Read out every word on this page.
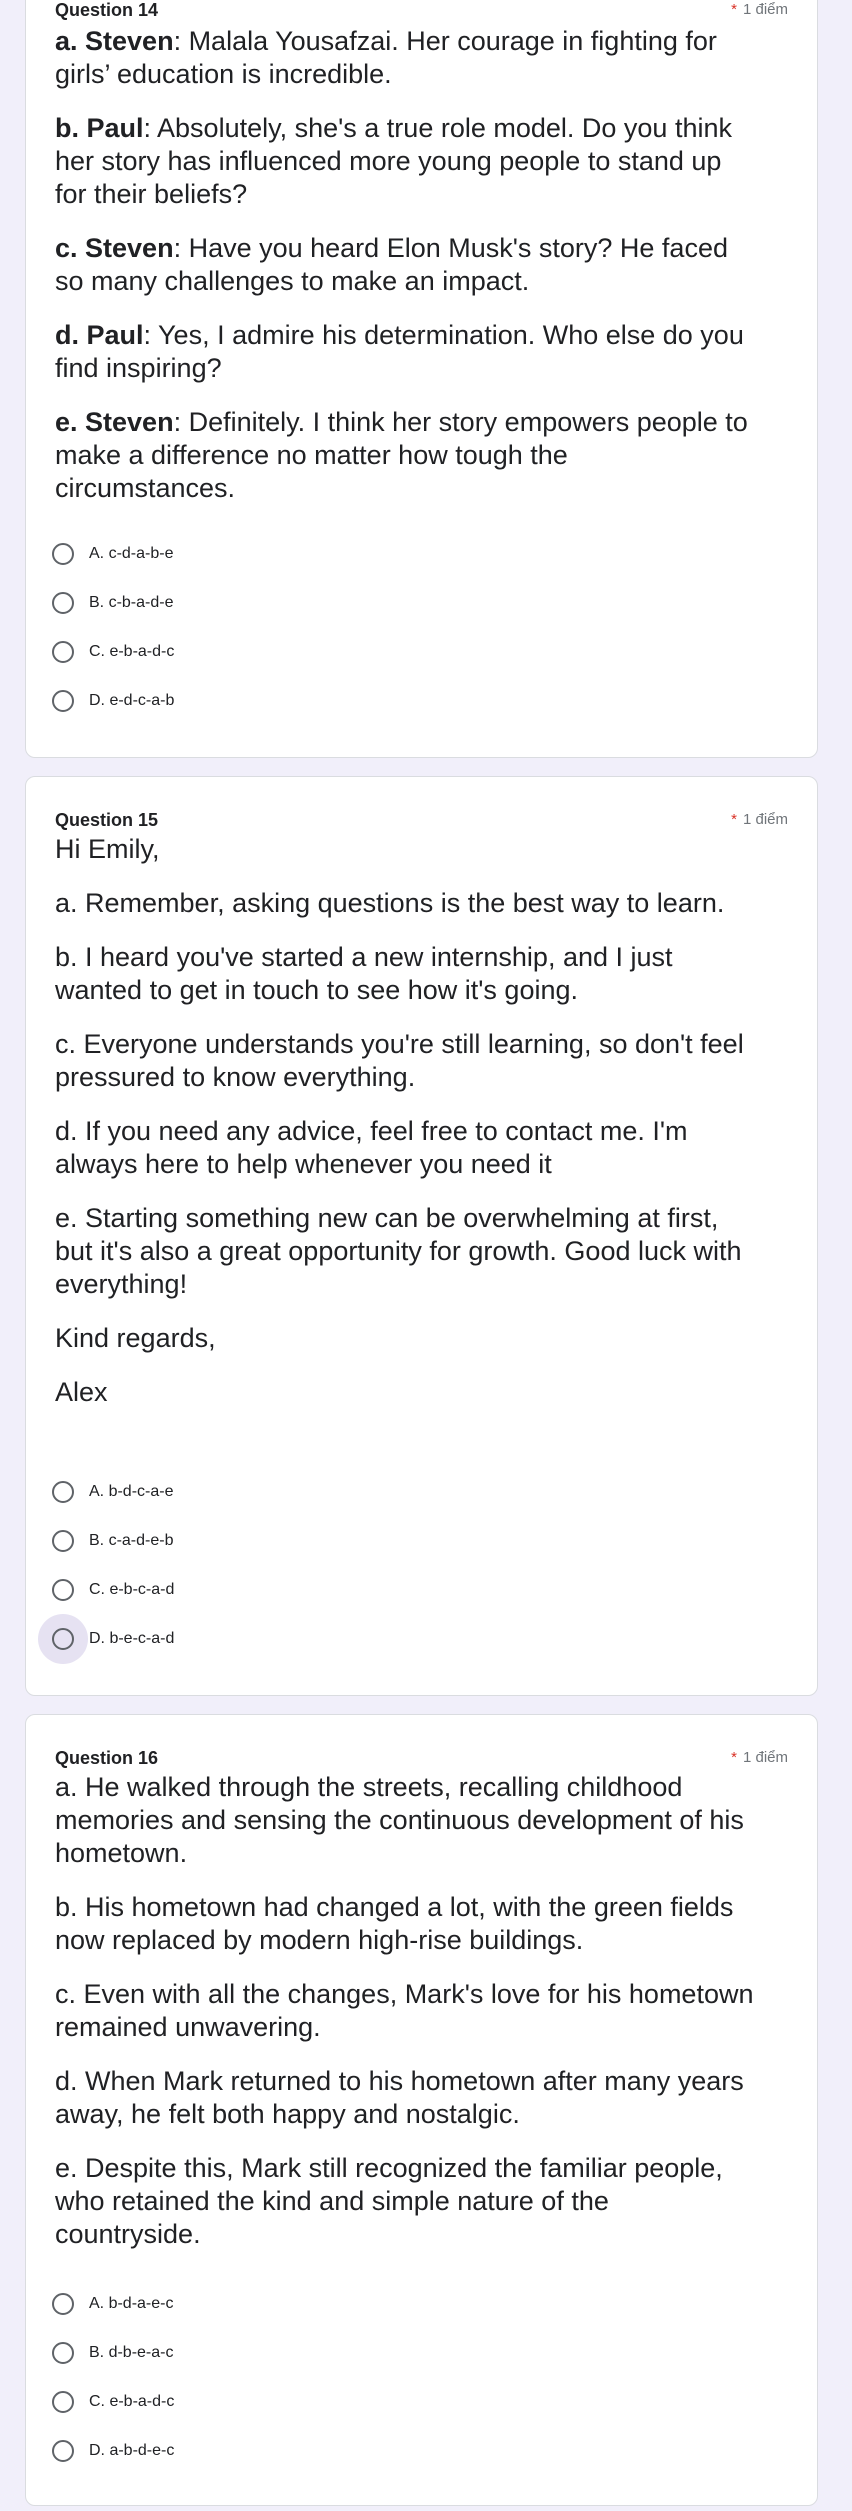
Question 14	* 1 điểm

a. Steven: Malala Yousafzai. Her courage in fighting for girls’ education is incredible.

b. Paul: Absolutely, she's a true role model. Do you think her story has influenced more young people to stand up for their beliefs?

c. Steven: Have you heard Elon Musk's story? He faced so many challenges to make an impact.

d. Paul: Yes, I admire his determination. Who else do you find inspiring?

e. Steven: Definitely. I think her story empowers people to make a difference no matter how tough the circumstances.

A. c-d-a-b-e
B. c-b-a-d-e
C. e-b-a-d-c
D. e-d-c-a-b
Question 15	* 1 điểm

Hi Emily,

a. Remember, asking questions is the best way to learn.

b. I heard you've started a new internship, and I just wanted to get in touch to see how it's going.

c. Everyone understands you're still learning, so don't feel pressured to know everything.

d. If you need any advice, feel free to contact me. I'm always here to help whenever you need it

e. Starting something new can be overwhelming at first, but it's also a great opportunity for growth. Good luck with everything!

Kind regards,

Alex

A. b-d-c-a-e
B. c-a-d-e-b
C. e-b-c-a-d
D. b-e-c-a-d
Question 16	* 1 điểm

a. He walked through the streets, recalling childhood memories and sensing the continuous development of his hometown.

b. His hometown had changed a lot, with the green fields now replaced by modern high-rise buildings.

c. Even with all the changes, Mark's love for his hometown remained unwavering.

d. When Mark returned to his hometown after many years away, he felt both happy and nostalgic.

e. Despite this, Mark still recognized the familiar people, who retained the kind and simple nature of the countryside.

A. b-d-a-e-c
B. d-b-e-a-c
C. e-b-a-d-c
D. a-b-d-e-c
